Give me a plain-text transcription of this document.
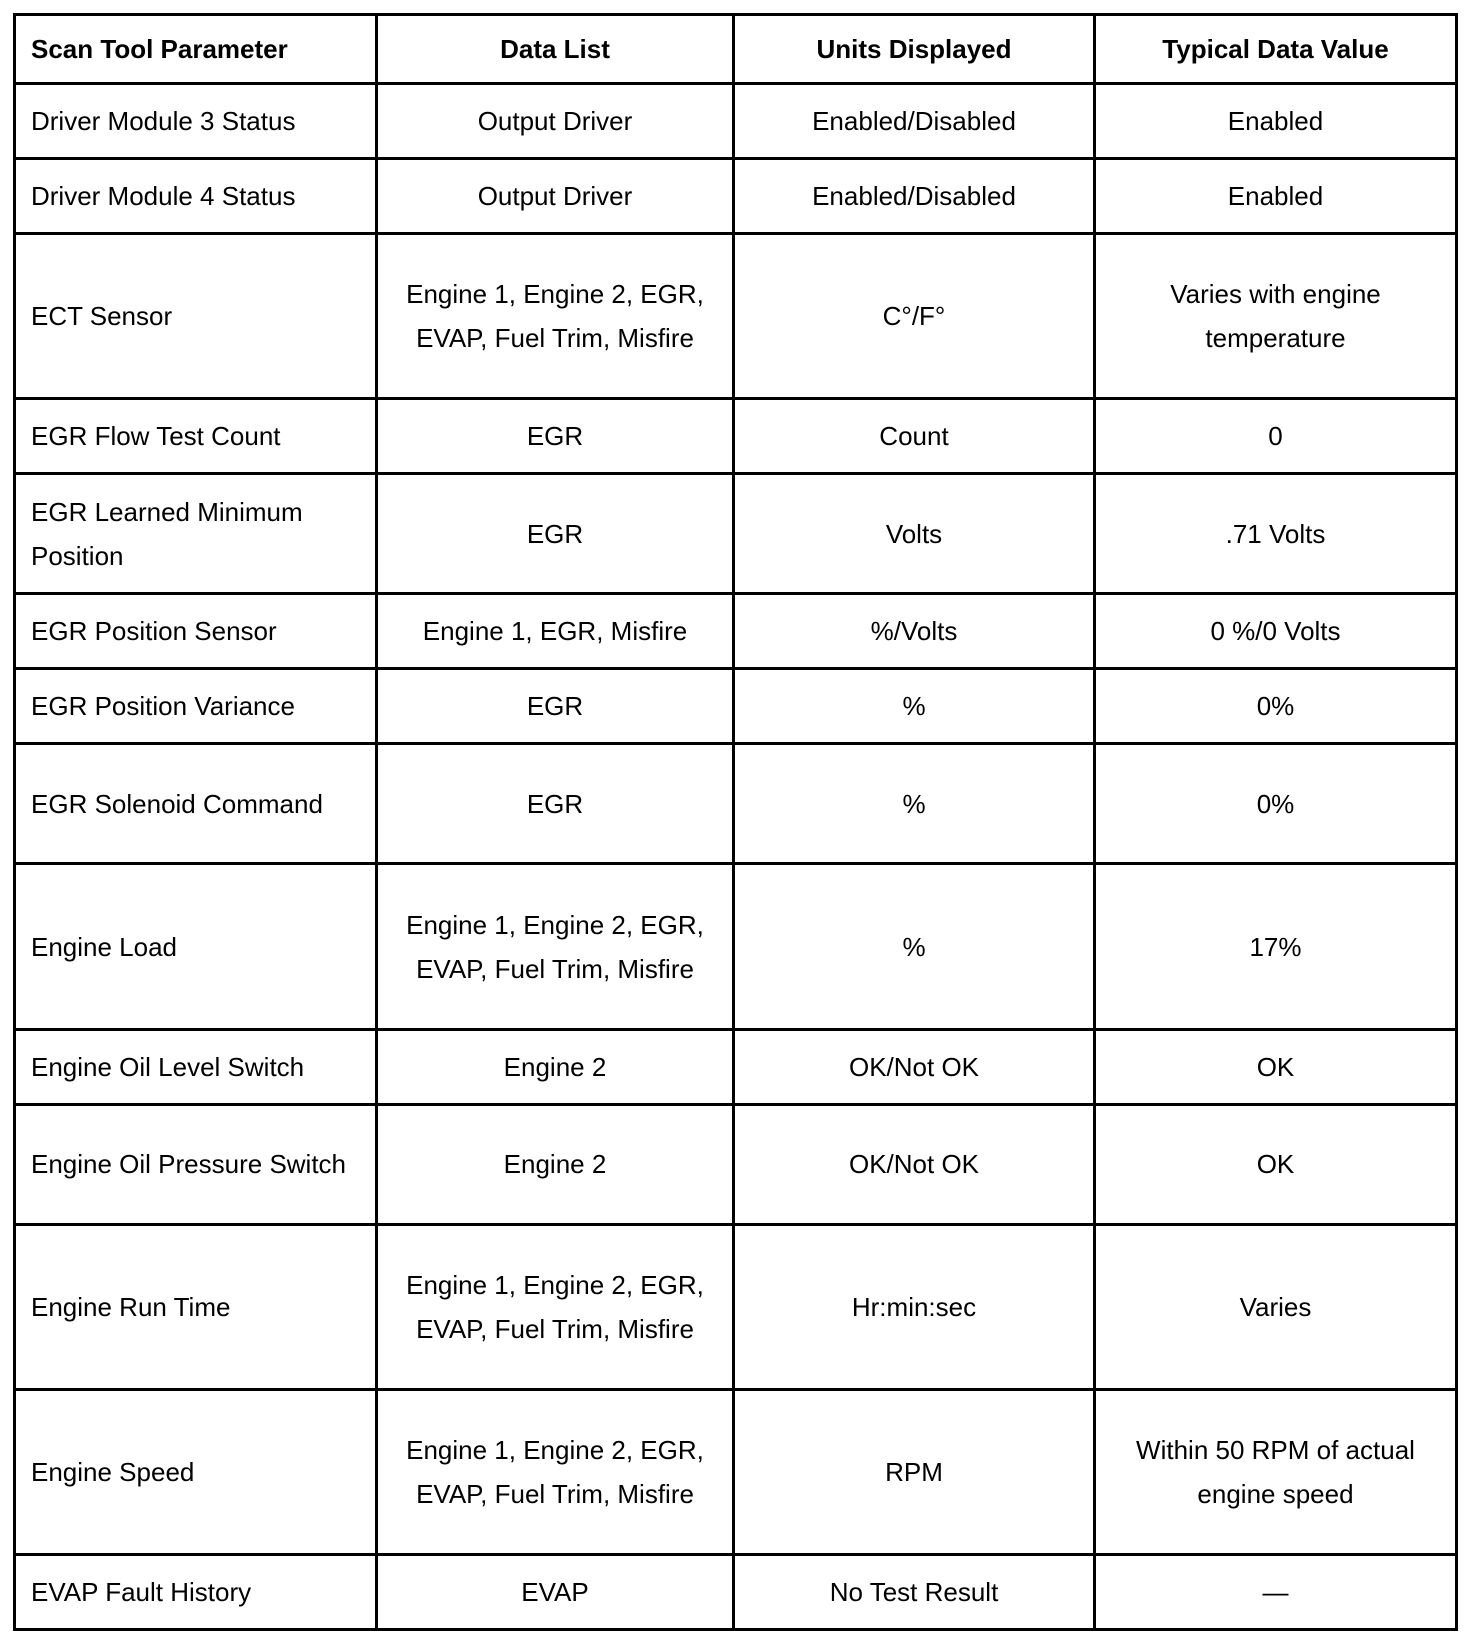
Scan Tool Parameter	Data List	Units Displayed	Typical Data Value
Driver Module 3 Status	Output Driver	Enabled/Disabled	Enabled
Driver Module 4 Status	Output Driver	Enabled/Disabled	Enabled
ECT Sensor	Engine 1, Engine 2, EGR, EVAP, Fuel Trim, Misfire	C°/F°	Varies with engine temperature
EGR Flow Test Count	EGR	Count	0
EGR Learned Minimum Position	EGR	Volts	.71 Volts
EGR Position Sensor	Engine 1, EGR, Misfire	%/Volts	0 %/0 Volts
EGR Position Variance	EGR	%	0%
EGR Solenoid Command	EGR	%	0%
Engine Load	Engine 1, Engine 2, EGR, EVAP, Fuel Trim, Misfire	%	17%
Engine Oil Level Switch	Engine 2	OK/Not OK	OK
Engine Oil Pressure Switch	Engine 2	OK/Not OK	OK
Engine Run Time	Engine 1, Engine 2, EGR, EVAP, Fuel Trim, Misfire	Hr:min:sec	Varies
Engine Speed	Engine 1, Engine 2, EGR, EVAP, Fuel Trim, Misfire	RPM	Within 50 RPM of actual engine speed
EVAP Fault History	EVAP	No Test Result	—
